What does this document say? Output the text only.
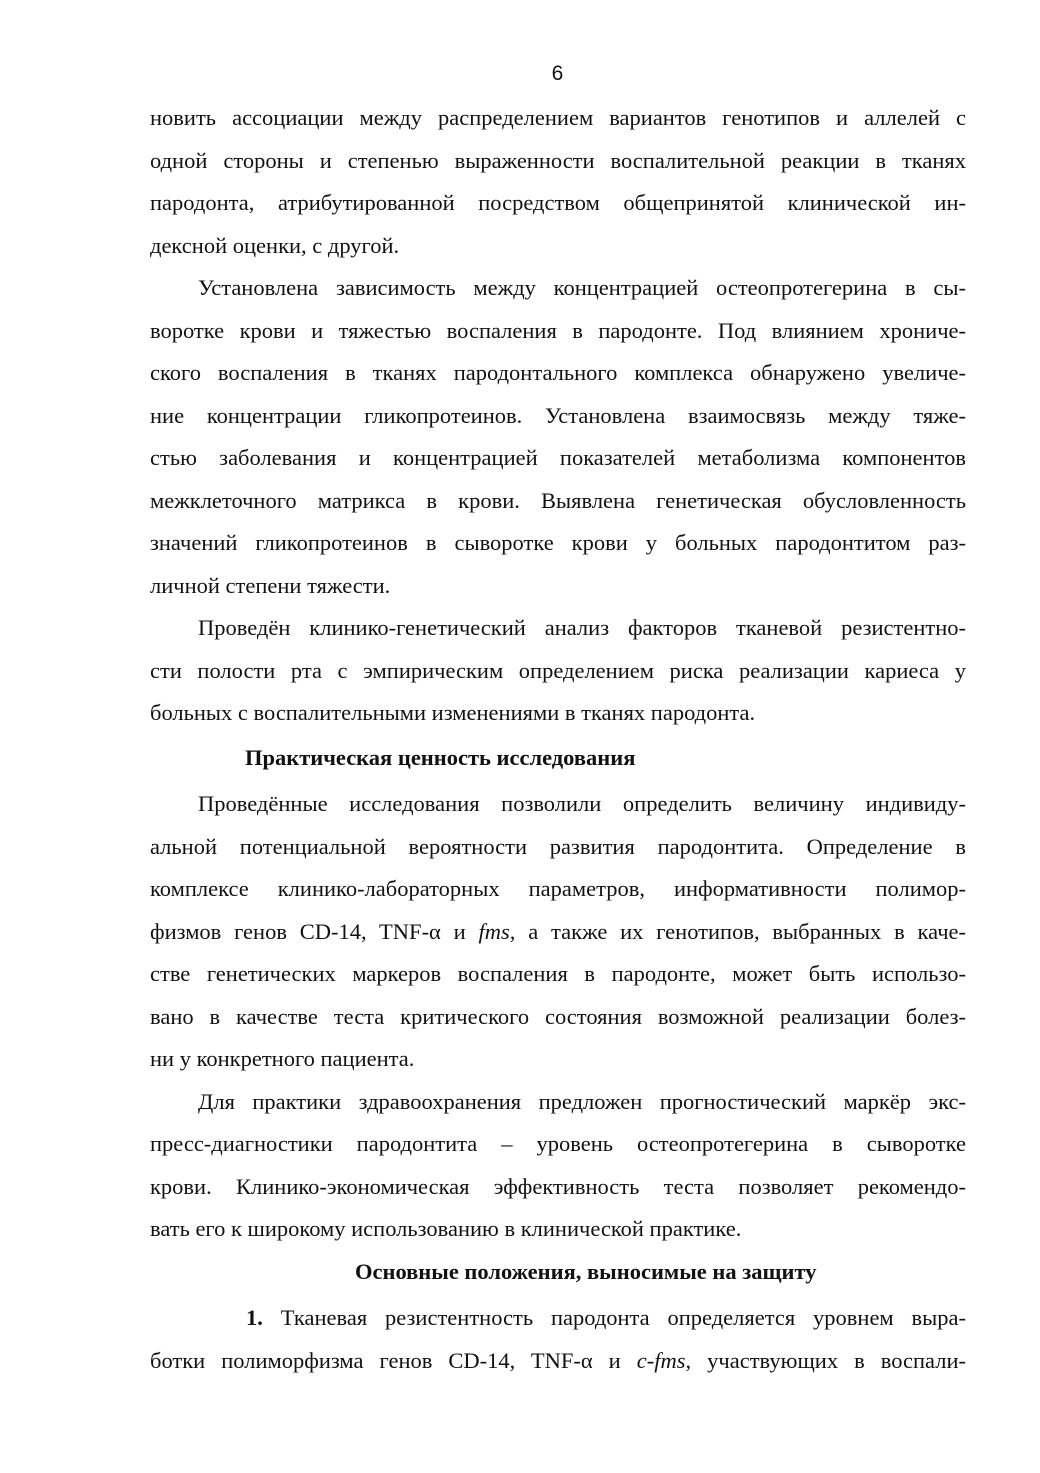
6

новить ассоциации между распределением вариантов генотипов и аллелей с
одной стороны и степенью выраженности воспалительной реакции в тканях
пародонта, атрибутированной посредством общепринятой клинической ин-
дексной оценки, с другой.

Установлена зависимость между концентрацией остеопротегерина в сы-
воротке крови и тяжестью воспаления в пародонте. Под влиянием хрониче-
ского воспаления в тканях пародонтального комплекса обнаружено увеличе-
ние концентрации гликопротеинов. Установлена взаимосвязь между тяже-
стью заболевания и концентрацией показателей метаболизма компонентов
межклеточного матрикса в крови. Выявлена генетическая обусловленность
значений гликопротеинов в сыворотке крови у больных пародонтитом раз-
личной степени тяжести.

Проведён клинико-генетический анализ факторов тканевой резистентно-
сти полости рта с эмпирическим определением риска реализации кариеса у
больных с воспалительными изменениями в тканях пародонта.

Практическая ценность исследования

Проведённые исследования позволили определить величину индивиду-
альной потенциальной вероятности развития пародонтита. Определение в
комплексе клинико-лабораторных параметров, информативности полимор-
физмов генов CD-14, TNF-α и fms, а также их генотипов, выбранных в каче-
стве генетических маркеров воспаления в пародонте, может быть использо-
вано в качестве теста критического состояния возможной реализации болез-
ни у конкретного пациента.

Для практики здравоохранения предложен прогностический маркёр экс-
пресс-диагностики пародонтита – уровень остеопротегерина в сыворотке
крови. Клинико-экономическая эффективность теста позволяет рекомендо-
вать его к широкому использованию в клинической практике.

Основные положения, выносимые на защиту

1. Тканевая резистентность пародонта определяется уровнем выра-
ботки полиморфизма генов CD-14, TNF-α и c-fms, участвующих в воспали-
